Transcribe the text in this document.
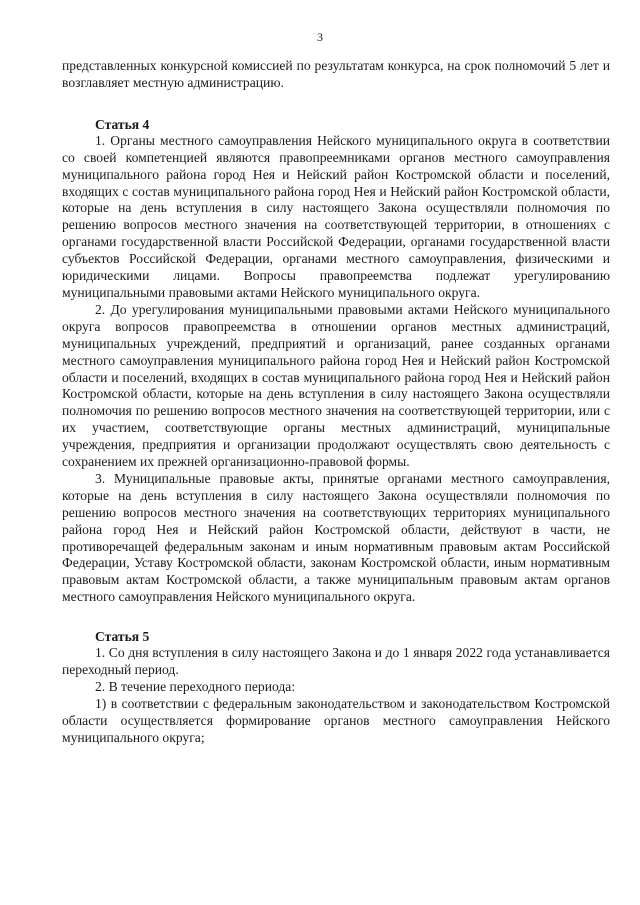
3

представленных конкурсной комиссией по результатам конкурса, на срок полномочий 5 лет и возглавляет местную администрацию.

Статья 4

1. Органы местного самоуправления Нейского муниципального округа в соответствии со своей компетенцией являются правопреемниками органов местного самоуправления муниципального района город Нея и Нейский район Костромской области и поселений, входящих с состав муниципального района город Нея и Нейский район Костромской области, которые на день вступления в силу настоящего Закона осуществляли полномочия по решению вопросов местного значения на соответствующей территории, в отношениях с органами государственной власти Российской Федерации, органами государственной власти субъектов Российской Федерации, органами местного самоуправления, физическими и юридическими лицами. Вопросы правопреемства подлежат урегулированию муниципальными правовыми актами Нейского муниципального округа.

2. До урегулирования муниципальными правовыми актами Нейского муниципального округа вопросов правопреемства в отношении органов местных администраций, муниципальных учреждений, предприятий и организаций, ранее созданных органами местного самоуправления муниципального района город Нея и Нейский район Костромской области и поселений, входящих в состав муниципального района город Нея и Нейский район Костромской области, которые на день вступления в силу настоящего Закона осуществляли полномочия по решению вопросов местного значения на соответствующей территории, или с их участием, соответствующие органы местных администраций, муниципальные учреждения, предприятия и организации продолжают осуществлять свою деятельность с сохранением их прежней организационно-правовой формы.

3. Муниципальные правовые акты, принятые органами местного самоуправления, которые на день вступления в силу настоящего Закона осуществляли полномочия по решению вопросов местного значения на соответствующих территориях муниципального района город Нея и Нейский район Костромской области, действуют в части, не противоречащей федеральным законам и иным нормативным правовым актам Российской Федерации, Уставу Костромской области, законам Костромской области, иным нормативным правовым актам Костромской области, а также муниципальным правовым актам органов местного самоуправления Нейского муниципального округа.

Статья 5

1. Со дня вступления в силу настоящего Закона и до 1 января 2022 года устанавливается переходный период.

2. В течение переходного периода:

1) в соответствии с федеральным законодательством и законодательством Костромской области осуществляется формирование органов местного самоуправления Нейского муниципального округа;
